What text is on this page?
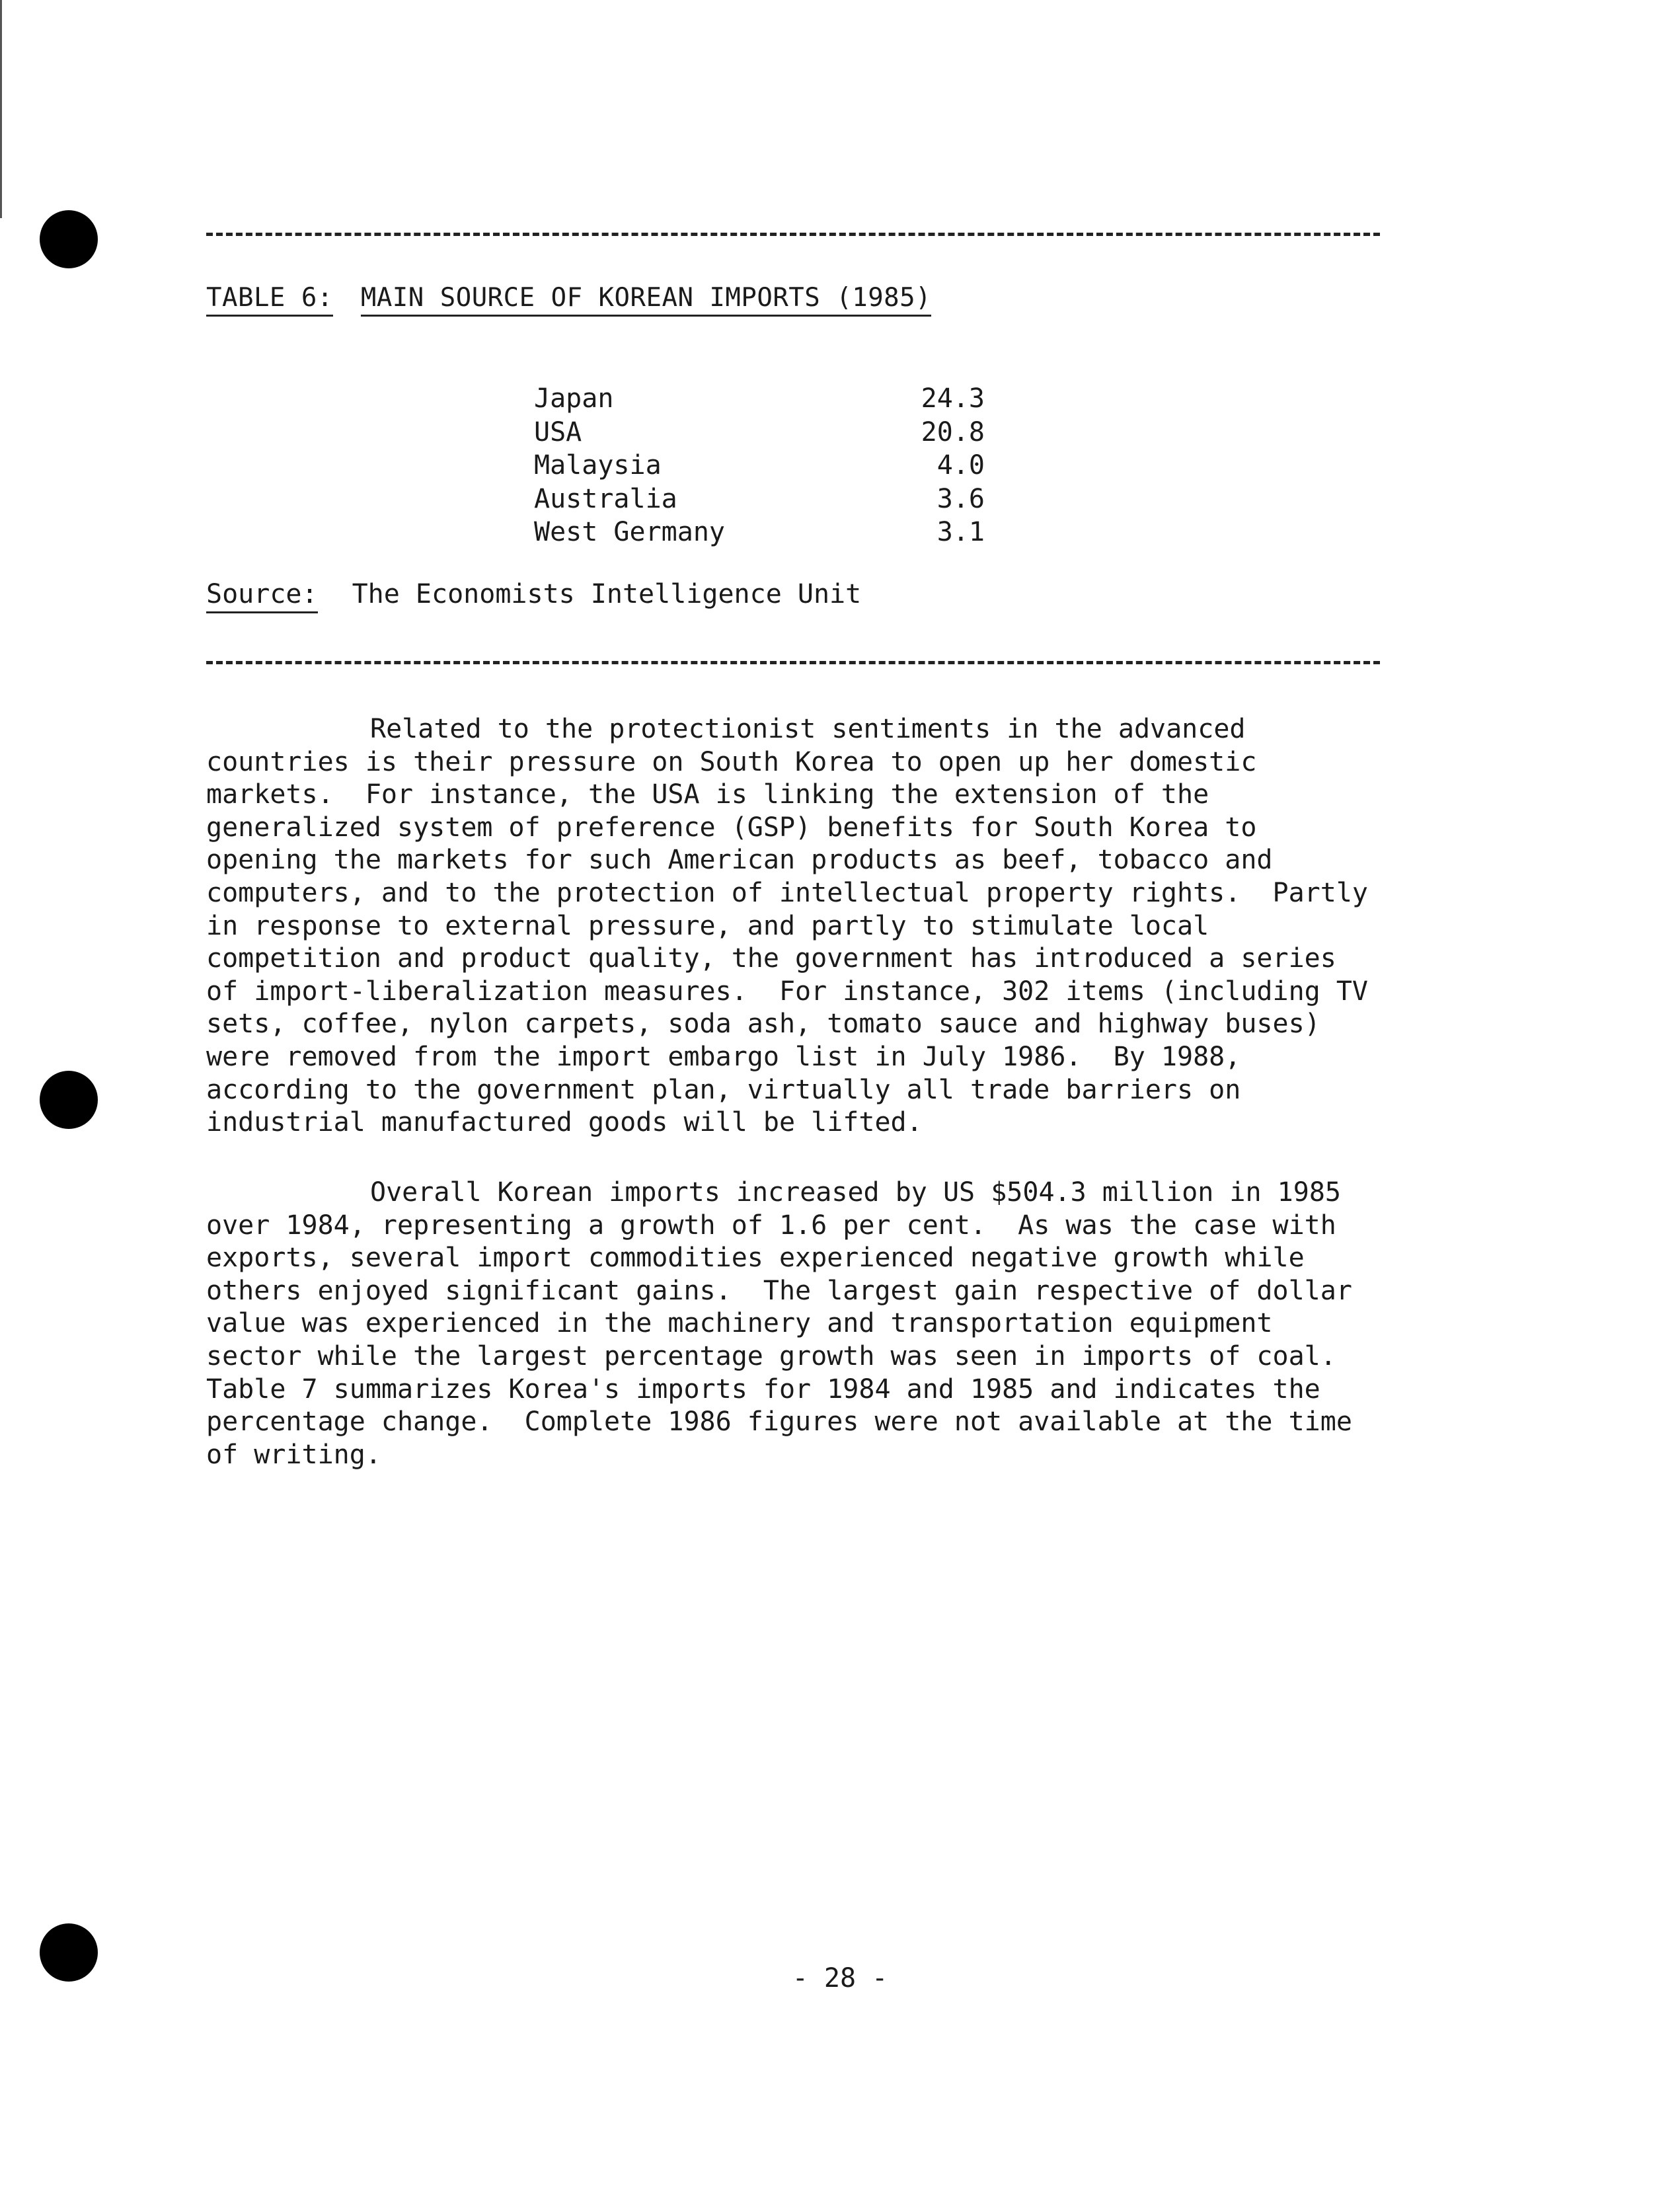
TABLE 6: MAIN SOURCE OF KOREAN IMPORTS (1985)
Japan	24.3
USA	20.8
Malaysia	4.0
Australia	3.6
West Germany	3.1
Source: The Economists Intelligence Unit
Related to the protectionist sentiments in the advanced
countries is their pressure on South Korea to open up her domestic
markets.  For instance, the USA is linking the extension of the
generalized system of preference (GSP) benefits for South Korea to
opening the markets for such American products as beef, tobacco and
computers, and to the protection of intellectual property rights.  Partly
in response to external pressure, and partly to stimulate local
competition and product quality, the government has introduced a series
of import-liberalization measures.  For instance, 302 items (including TV
sets, coffee, nylon carpets, soda ash, tomato sauce and highway buses)
were removed from the import embargo list in July 1986.  By 1988,
according to the government plan, virtually all trade barriers on
industrial manufactured goods will be lifted.
Overall Korean imports increased by US $504.3 million in 1985
over 1984, representing a growth of 1.6 per cent.  As was the case with
exports, several import commodities experienced negative growth while
others enjoyed significant gains.  The largest gain respective of dollar
value was experienced in the machinery and transportation equipment
sector while the largest percentage growth was seen in imports of coal.
Table 7 summarizes Korea's imports for 1984 and 1985 and indicates the
percentage change.  Complete 1986 figures were not available at the time
of writing.
- 28 -
